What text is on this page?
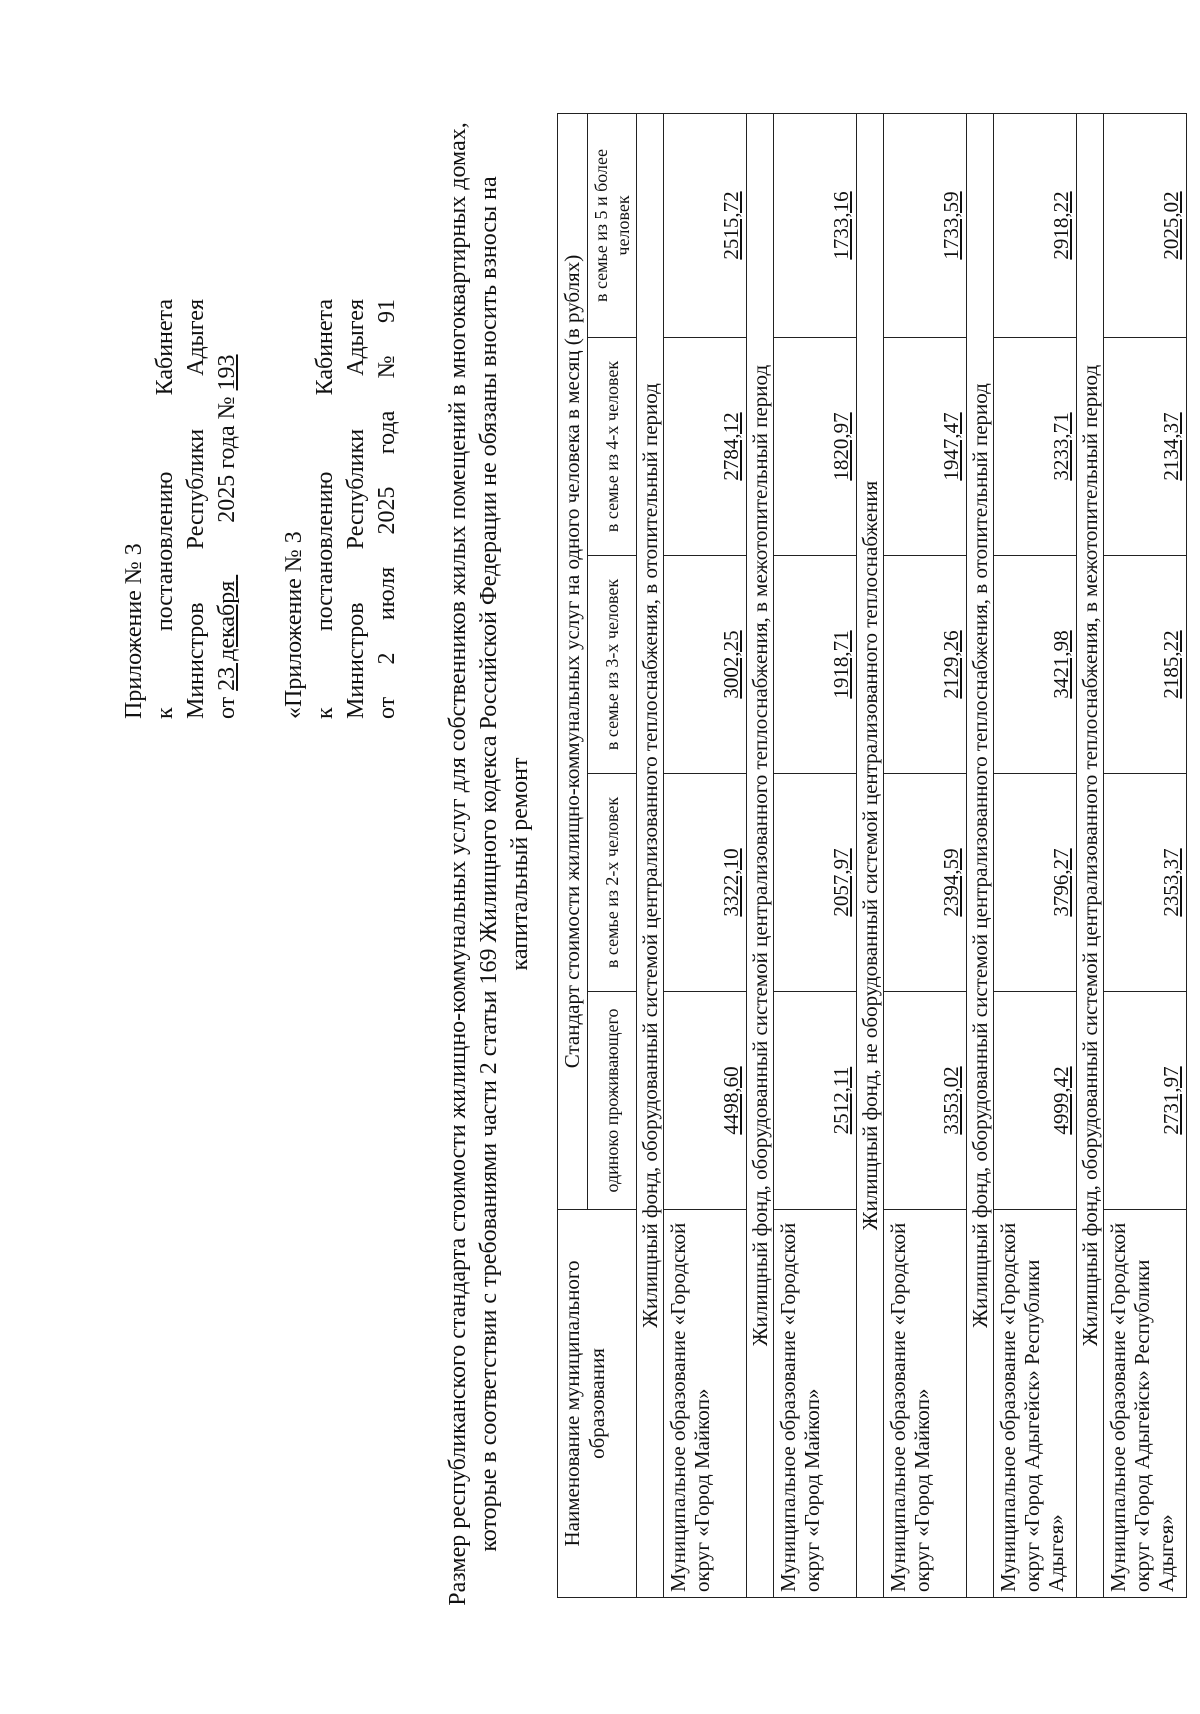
Приложение № 3 к
постановлению
Кабинета
Министров
Республики
Адыгея
от

23 декабря

2025 года №

193
«Приложение № 3 к
постановлению
Кабинета
Министров
Республики
Адыгея
от
2
июля
2025
года
№
91 Размер республиканского стандарта стоимости жилищно-коммунальных услуг для собственников жилых помещений в многоквартирных домах, которые в соответствии с требованиями части 2 статьи 169 Жилищного кодекса Российской Федерации не обязаны вносить взносы на капитальный ремонт
Наименование муниципального образования	Стандарт стоимости жилищно-коммунальных услуг на одного человека в месяц (в рублях)				
	одиноко проживающего	в семье из 2-х человек	в семье из 3-х человек	в семье из 4-х человек	в семье из 5 и более человек
Жилищный фонд, оборудованный системой централизованного теплоснабжения, в отопительный период					
Муниципальное образование «Городской округ «Город Майкоп»	4498,60	3322,10	3002,25	2784,12	2515,72
Жилищный фонд, оборудованный системой централизованного теплоснабжения, в межотопительный период					
Муниципальное образование «Городской округ «Город Майкоп»	2512,11	2057,97	1918,71	1820,97	1733,16
Жилищный фонд, не оборудованный системой централизованного теплоснабжения					
Муниципальное образование «Городской округ «Город Майкоп»	3353,02	2394,59	2129,26	1947,47	1733,59
Жилищный фонд, оборудованный системой централизованного теплоснабжения, в отопительный период					
Муниципальное образование «Городской округ «Город Адыгейск» Республики Адыгея»	4999,42	3796,27	3421,98	3233,71	2918,22
Жилищный фонд, оборудованный системой централизованного теплоснабжения, в межотопительный период					
Муниципальное образование «Городской округ «Город Адыгейск» Республики Адыгея»	2731,97	2353,37	2185,22	2134,37	2025,02
